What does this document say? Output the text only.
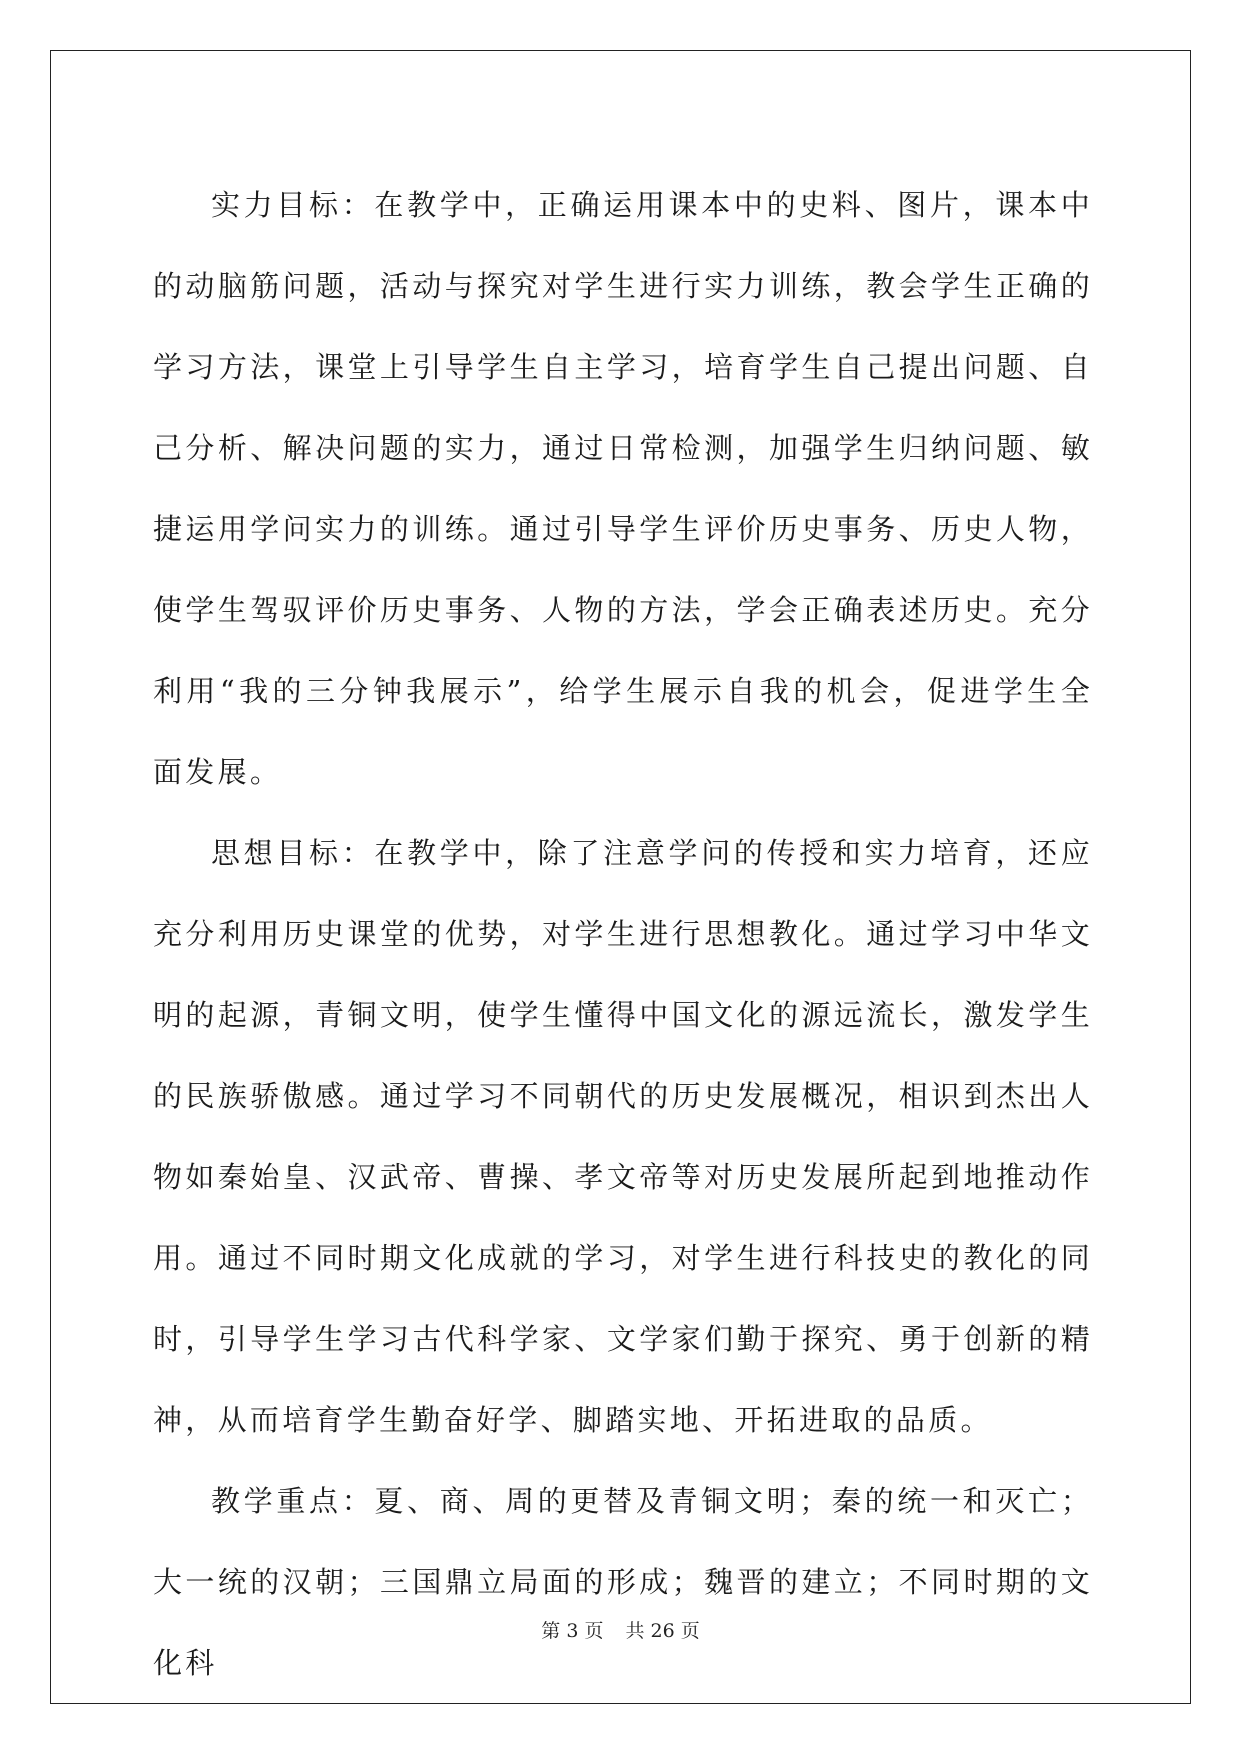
实力目标：在教学中，正确运用课本中的史料、图片，课本中的动脑筋问题，活动与探究对学生进行实力训练，教会学生正确的学习方法，课堂上引导学生自主学习，培育学生自己提出问题、自己分析、解决问题的实力，通过日常检测，加强学生归纳问题、敏捷运用学问实力的训练。通过引导学生评价历史事务、历史人物，使学生驾驭评价历史事务、人物的方法，学会正确表述历史。充分利用“我的三分钟我展示”，给学生展示自我的机会，促进学生全面发展。

思想目标：在教学中，除了注意学问的传授和实力培育，还应充分利用历史课堂的优势，对学生进行思想教化。通过学习中华文明的起源，青铜文明，使学生懂得中国文化的源远流长，激发学生的民族骄傲感。通过学习不同朝代的历史发展概况，相识到杰出人物如秦始皇、汉武帝、曹操、孝文帝等对历史发展所起到地推动作用。通过不同时期文化成就的学习，对学生进行科技史的教化的同时，引导学生学习古代科学家、文学家们勤于探究、勇于创新的精神，从而培育学生勤奋好学、脚踏实地、开拓进取的品质。

教学重点：夏、商、周的更替及青铜文明；秦的统一和灭亡；大一统的汉朝；三国鼎立局面的形成；魏晋的建立；不同时期的文化科

第 3 页 共 26 页
